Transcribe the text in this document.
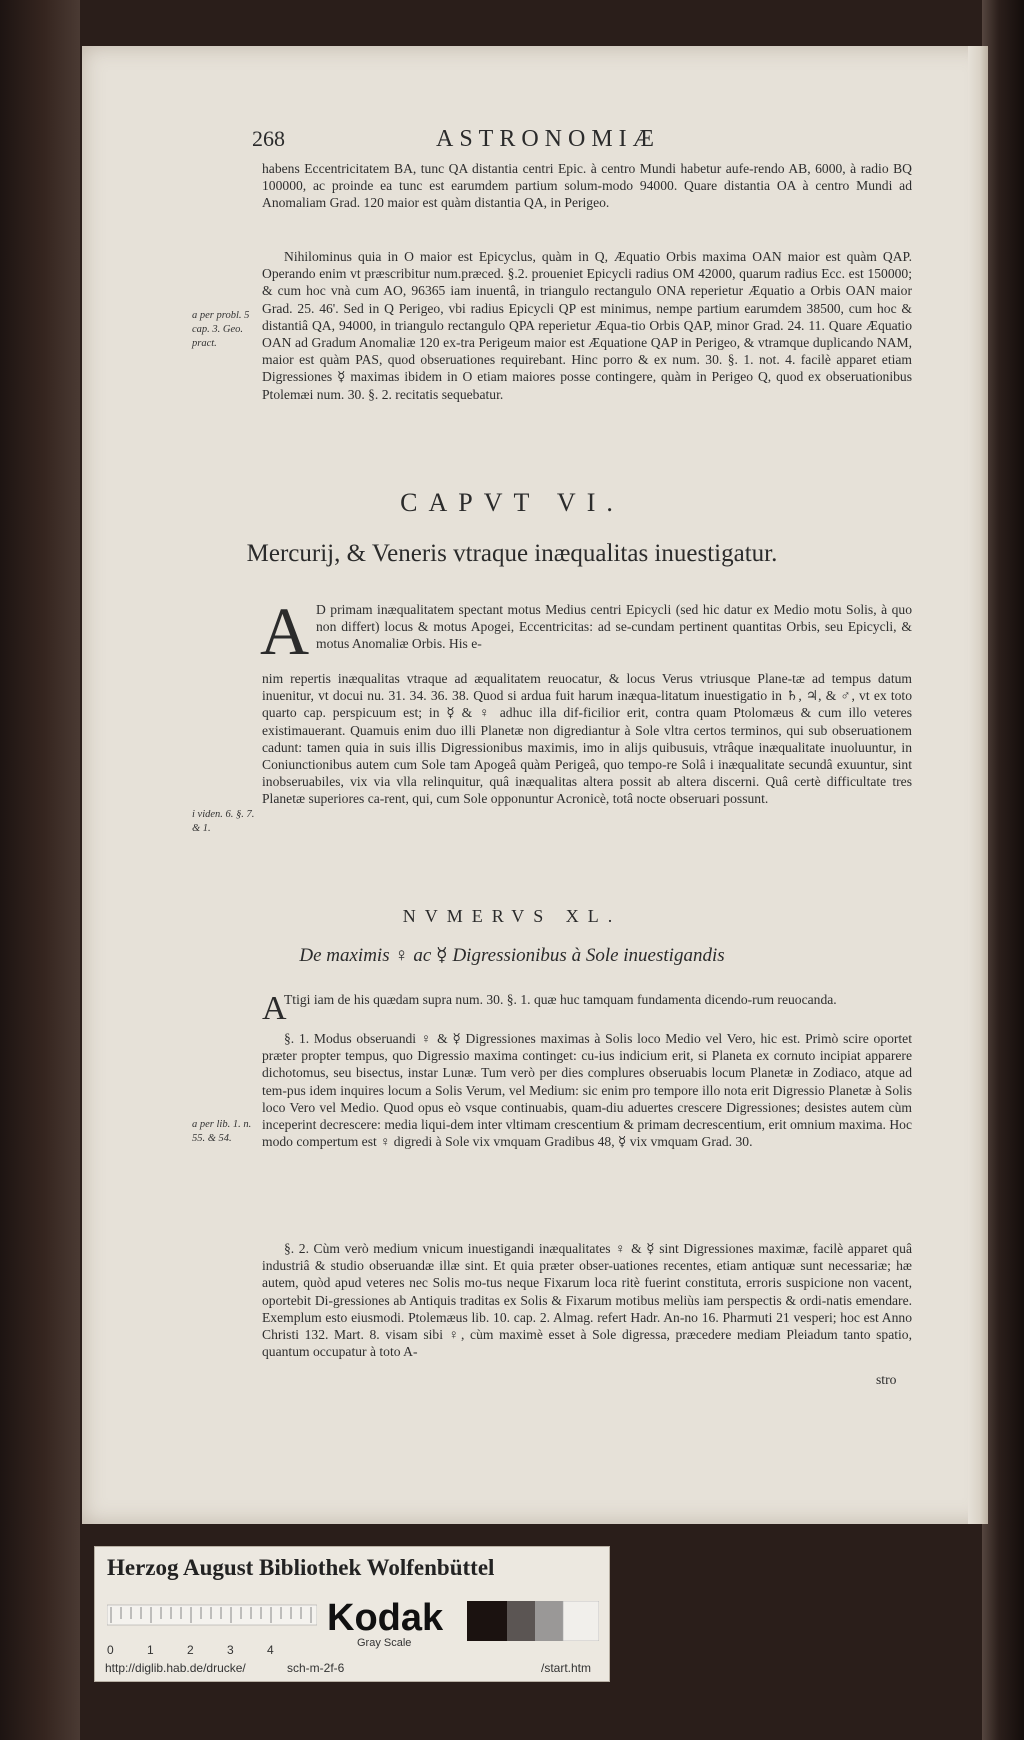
268	ASTRONOMIÆ

habens Eccentricitatem BA, tunc QA distantia centri Epic. à centro Mundi habetur aufe-rendo AB, 6000, à radio BQ 100000, ac proinde ea tunc est earumdem partium solum-modo 94000. Quare distantia OA à centro Mundi ad Anomaliam Grad. 120 maior est quàm distantia QA, in Perigeo.

Nihilominus quia in O maior est Epicyclus, quàm in Q, Æquatio Orbis maxima OAN maior est quàm QAP. Operando enim vt præscribitur num.præced. §.2. proueniet Epicycli radius OM 42000, quarum radius Ecc. est 150000; & cum hoc vnà cum AO, 96365 iam inuentâ, in triangulo rectangulo ONA reperietur Æquatio a Orbis OAN maior Grad. 25. 46'. Sed in Q Perigeo, vbi radius Epicycli QP est minimus, nempe partium earumdem 38500, cum hoc & distantiâ QA, 94000, in triangulo rectangulo QPA reperietur Æqua-tio Orbis QAP, minor Grad. 24. 11. Quare Æquatio OAN ad Gradum Anomaliæ 120 ex-tra Perigeum maior est Æquatione QAP in Perigeo, & vtramque duplicando NAM, maior est quàm PAS, quod obseruationes requirebant. Hinc porro & ex num. 30. §. 1. not. 4. facilè apparet etiam Digressiones ☿ maximas ibidem in O etiam maiores posse contingere, quàm in Perigeo Q, quod ex obseruationibus Ptolemæi num. 30. §. 2. recitatis sequebatur.

a per probl. 5 cap. 3. Geo. pract.
CAPVT VI.
Mercurij, & Veneris vtraque inæqualitas inuestigatur.
A D primam inæqualitatem spectant motus Medius centri Epicycli (sed hic datur ex Medio motu Solis, à quo non differt) locus & motus Apogei, Eccentricitas: ad se-cundam pertinent quantitas Orbis, seu Epicycli, & motus Anomaliæ Orbis. His e-

nim repertis inæqualitas vtraque ad æqualitatem reuocatur, & locus Verus vtriusque Plane-tæ ad tempus datum inuenitur, vt docui nu. 31. 34. 36. 38. Quod si ardua fuit harum inæqua-litatum inuestigatio in ♄, ♃, & ♂, vt ex toto quarto cap. perspicuum est; in ☿ & ♀ adhuc illa dif-ficilior erit, contra quam Ptolomæus & cum illo veteres existimauerant. Quamuis enim duo illi Planetæ non digrediantur à Sole vltra certos terminos, qui sub obseruationem cadunt: tamen quia in suis illis Digressionibus maximis, imo in alijs quibusuis, vtrâque inæqualitate inuoluuntur, in Coniunctionibus autem cum Sole tam Apogeâ quàm Perigeâ, quo tempo-re Solâ i inæqualitate secundâ exuuntur, sint inobseruabiles, vix via vlla relinquitur, quâ inæqualitas altera possit ab altera discerni. Quâ certè difficultate tres Planetæ superiores ca-rent, qui, cum Sole opponuntur Acronicè, totâ nocte obseruari possunt.

i viden. 6. §. 7. & 1.
NVMERVS XL.
De maximis ♀ ac ☿ Digressionibus à Sole inuestigandis
A

Ttigi iam de his quædam supra num. 30. §. 1. quæ huc tamquam fundamenta dicendo-rum reuocanda.

§. 1. Modus obseruandi ♀ & ☿ Digressiones maximas à Solis loco Medio vel Vero, hic est. Primò scire oportet præter propter tempus, quo Digressio maxima continget: cu-ius indicium erit, si Planeta ex cornuto incipiat apparere dichotomus, seu bisectus, instar Lunæ. Tum verò per dies complures obseruabis locum Planetæ in Zodiaco, atque ad tem-pus idem inquires locum a Solis Verum, vel Medium: sic enim pro tempore illo nota erit Digressio Planetæ à Solis loco Vero vel Medio. Quod opus eò vsque continuabis, quam-diu aduertes crescere Digressiones; desistes autem cùm inceperint decrescere: media liqui-dem inter vltimam crescentium & primam decrescentium, erit omnium maxima. Hoc modo compertum est ♀ digredi à Sole vix vmquam Gradibus 48, ☿ vix vmquam Grad. 30.

a per lib. 1. n. 55. & 54.

§. 2. Cùm verò medium vnicum inuestigandi inæqualitates ♀ & ☿ sint Digressiones maximæ, facilè apparet quâ industriâ & studio obseruandæ illæ sint. Et quia præter obser-uationes recentes, etiam antiquæ sunt necessariæ; hæ autem, quòd apud veteres nec Solis mo-tus neque Fixarum loca ritè fuerint constituta, erroris suspicione non vacent, oportebit Di-gressiones ab Antiquis traditas ex Solis & Fixarum motibus meliùs iam perspectis & ordi-natis emendare. Exemplum esto eiusmodi. Ptolemæus lib. 10. cap. 2. Almag. refert Hadr. An-no 16. Pharmuti 21 vesperi; hoc est Anno Christi 132. Mart. 8. visam sibi ♀, cùm maximè esset à Sole digressa, præcedere mediam Pleiadum tanto spatio, quantum occupatur à toto A-

stro
Herzog August Bibliothek Wolfenbüttel
0	1	2	3	4
Kodak
Gray Scale
http://diglib.hab.de/drucke/	sch-m-2f-6	/start.htm
